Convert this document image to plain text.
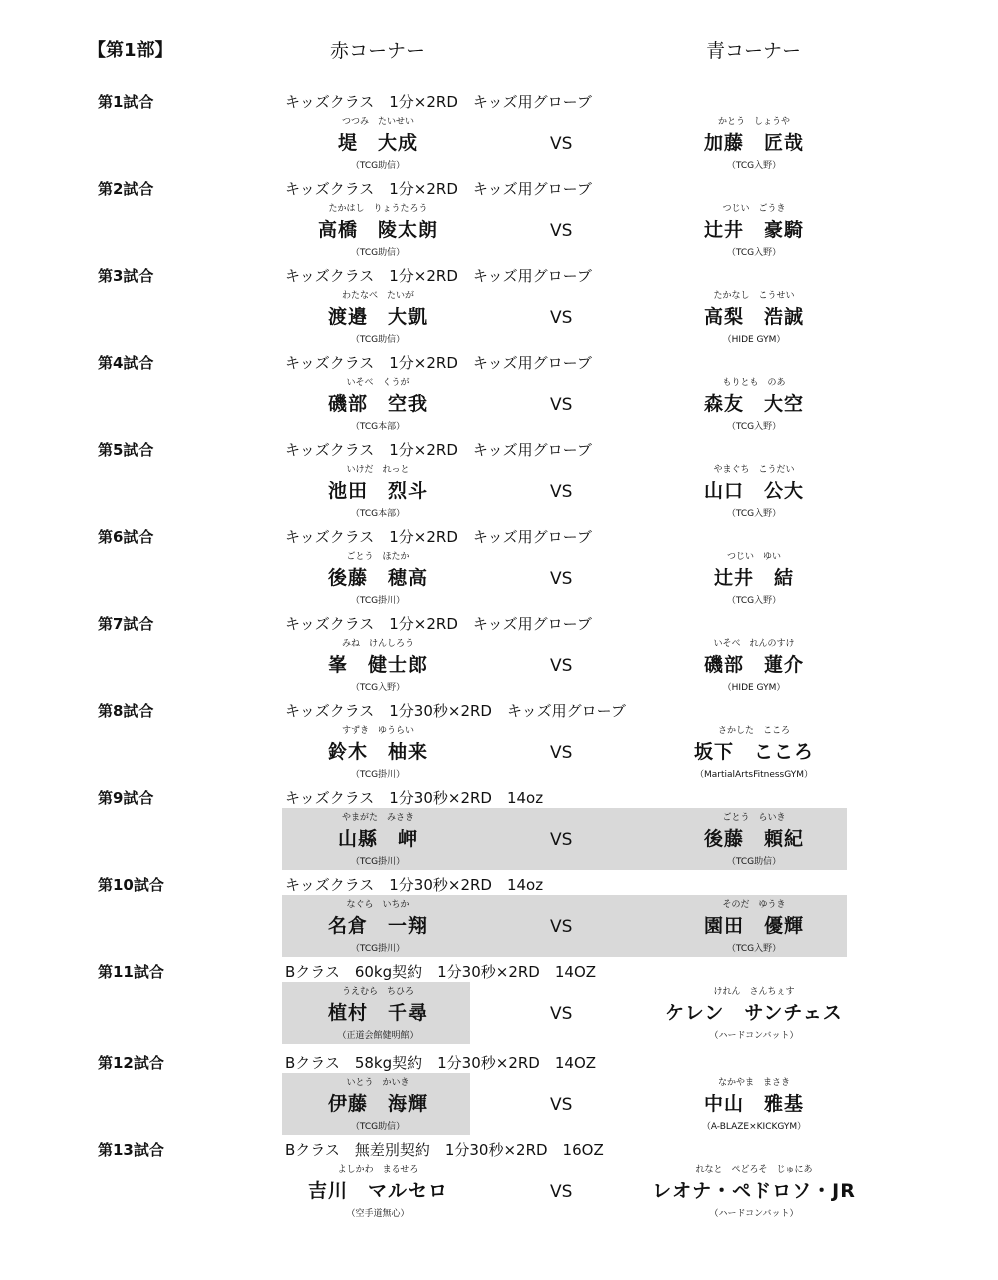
【第1部】	赤コーナー	青コーナー
第1試合	キッズクラス　1分×2RD　キッズ用グローブ
つつみ　たいせい
堤　大成
（TCG助信）
VS
かとう　しょうや
加藤　匠哉
（TCG入野）
第2試合	キッズクラス　1分×2RD　キッズ用グローブ
たかはし　りょうたろう
高橋　陵太朗
（TCG助信）
VS
つじい　ごうき
辻井　豪騎
（TCG入野）
第3試合	キッズクラス　1分×2RD　キッズ用グローブ
わたなべ　たいが
渡邉　大凱
（TCG助信）
VS
たかなし　こうせい
高梨　浩誠
（HIDE GYM）
第4試合	キッズクラス　1分×2RD　キッズ用グローブ
いそべ　くうが
磯部　空我
（TCG本部）
VS
もりとも　のあ
森友　大空
（TCG入野）
第5試合	キッズクラス　1分×2RD　キッズ用グローブ
いけだ　れっと
池田　烈斗
（TCG本部）
VS
やまぐち　こうだい
山口　公大
（TCG入野）
第6試合	キッズクラス　1分×2RD　キッズ用グローブ
ごとう　ほたか
後藤　穂高
（TCG掛川）
VS
つじい　ゆい
辻井　結
（TCG入野）
第7試合	キッズクラス　1分×2RD　キッズ用グローブ
みね　けんしろう
峯　健士郎
（TCG入野）
VS
いそべ　れんのすけ
磯部　蓮介
（HIDE GYM）
第8試合	キッズクラス　1分30秒×2RD　キッズ用グローブ
すずき　ゆうらい
鈴木　柚来
（TCG掛川）
VS
さかした　こころ
坂下　こころ
（MartialArtsFitnessGYM）
第9試合	キッズクラス　1分30秒×2RD　14oz
やまがた　みさき
山縣　岬
（TCG掛川）
VS
ごとう　らいき
後藤　頼紀
（TCG助信）
第10試合	キッズクラス　1分30秒×2RD　14oz
なぐら　いちか
名倉　一翔
（TCG掛川）
VS
そのだ　ゆうき
園田　優輝
（TCG入野）
第11試合	Bクラス　60kg契約　1分30秒×2RD　14OZ
うえむら　ちひろ
植村　千尋
（正道会館健明館）
VS
けれん　さんちぇす
ケレン　サンチェス
（ハードコンバット）
第12試合	Bクラス　58kg契約　1分30秒×2RD　14OZ
いとう　かいき
伊藤　海輝
（TCG助信）
VS
なかやま　まさき
中山　雅基
（A-BLAZE×KICKGYM）
第13試合	Bクラス　無差別契約　1分30秒×2RD　16OZ
よしかわ　まるせろ
吉川　マルセロ
（空手道無心）
VS
れなと　ぺどろそ　じゅにあ
レオナ・ペドロソ・JR
（ハードコンバット）
